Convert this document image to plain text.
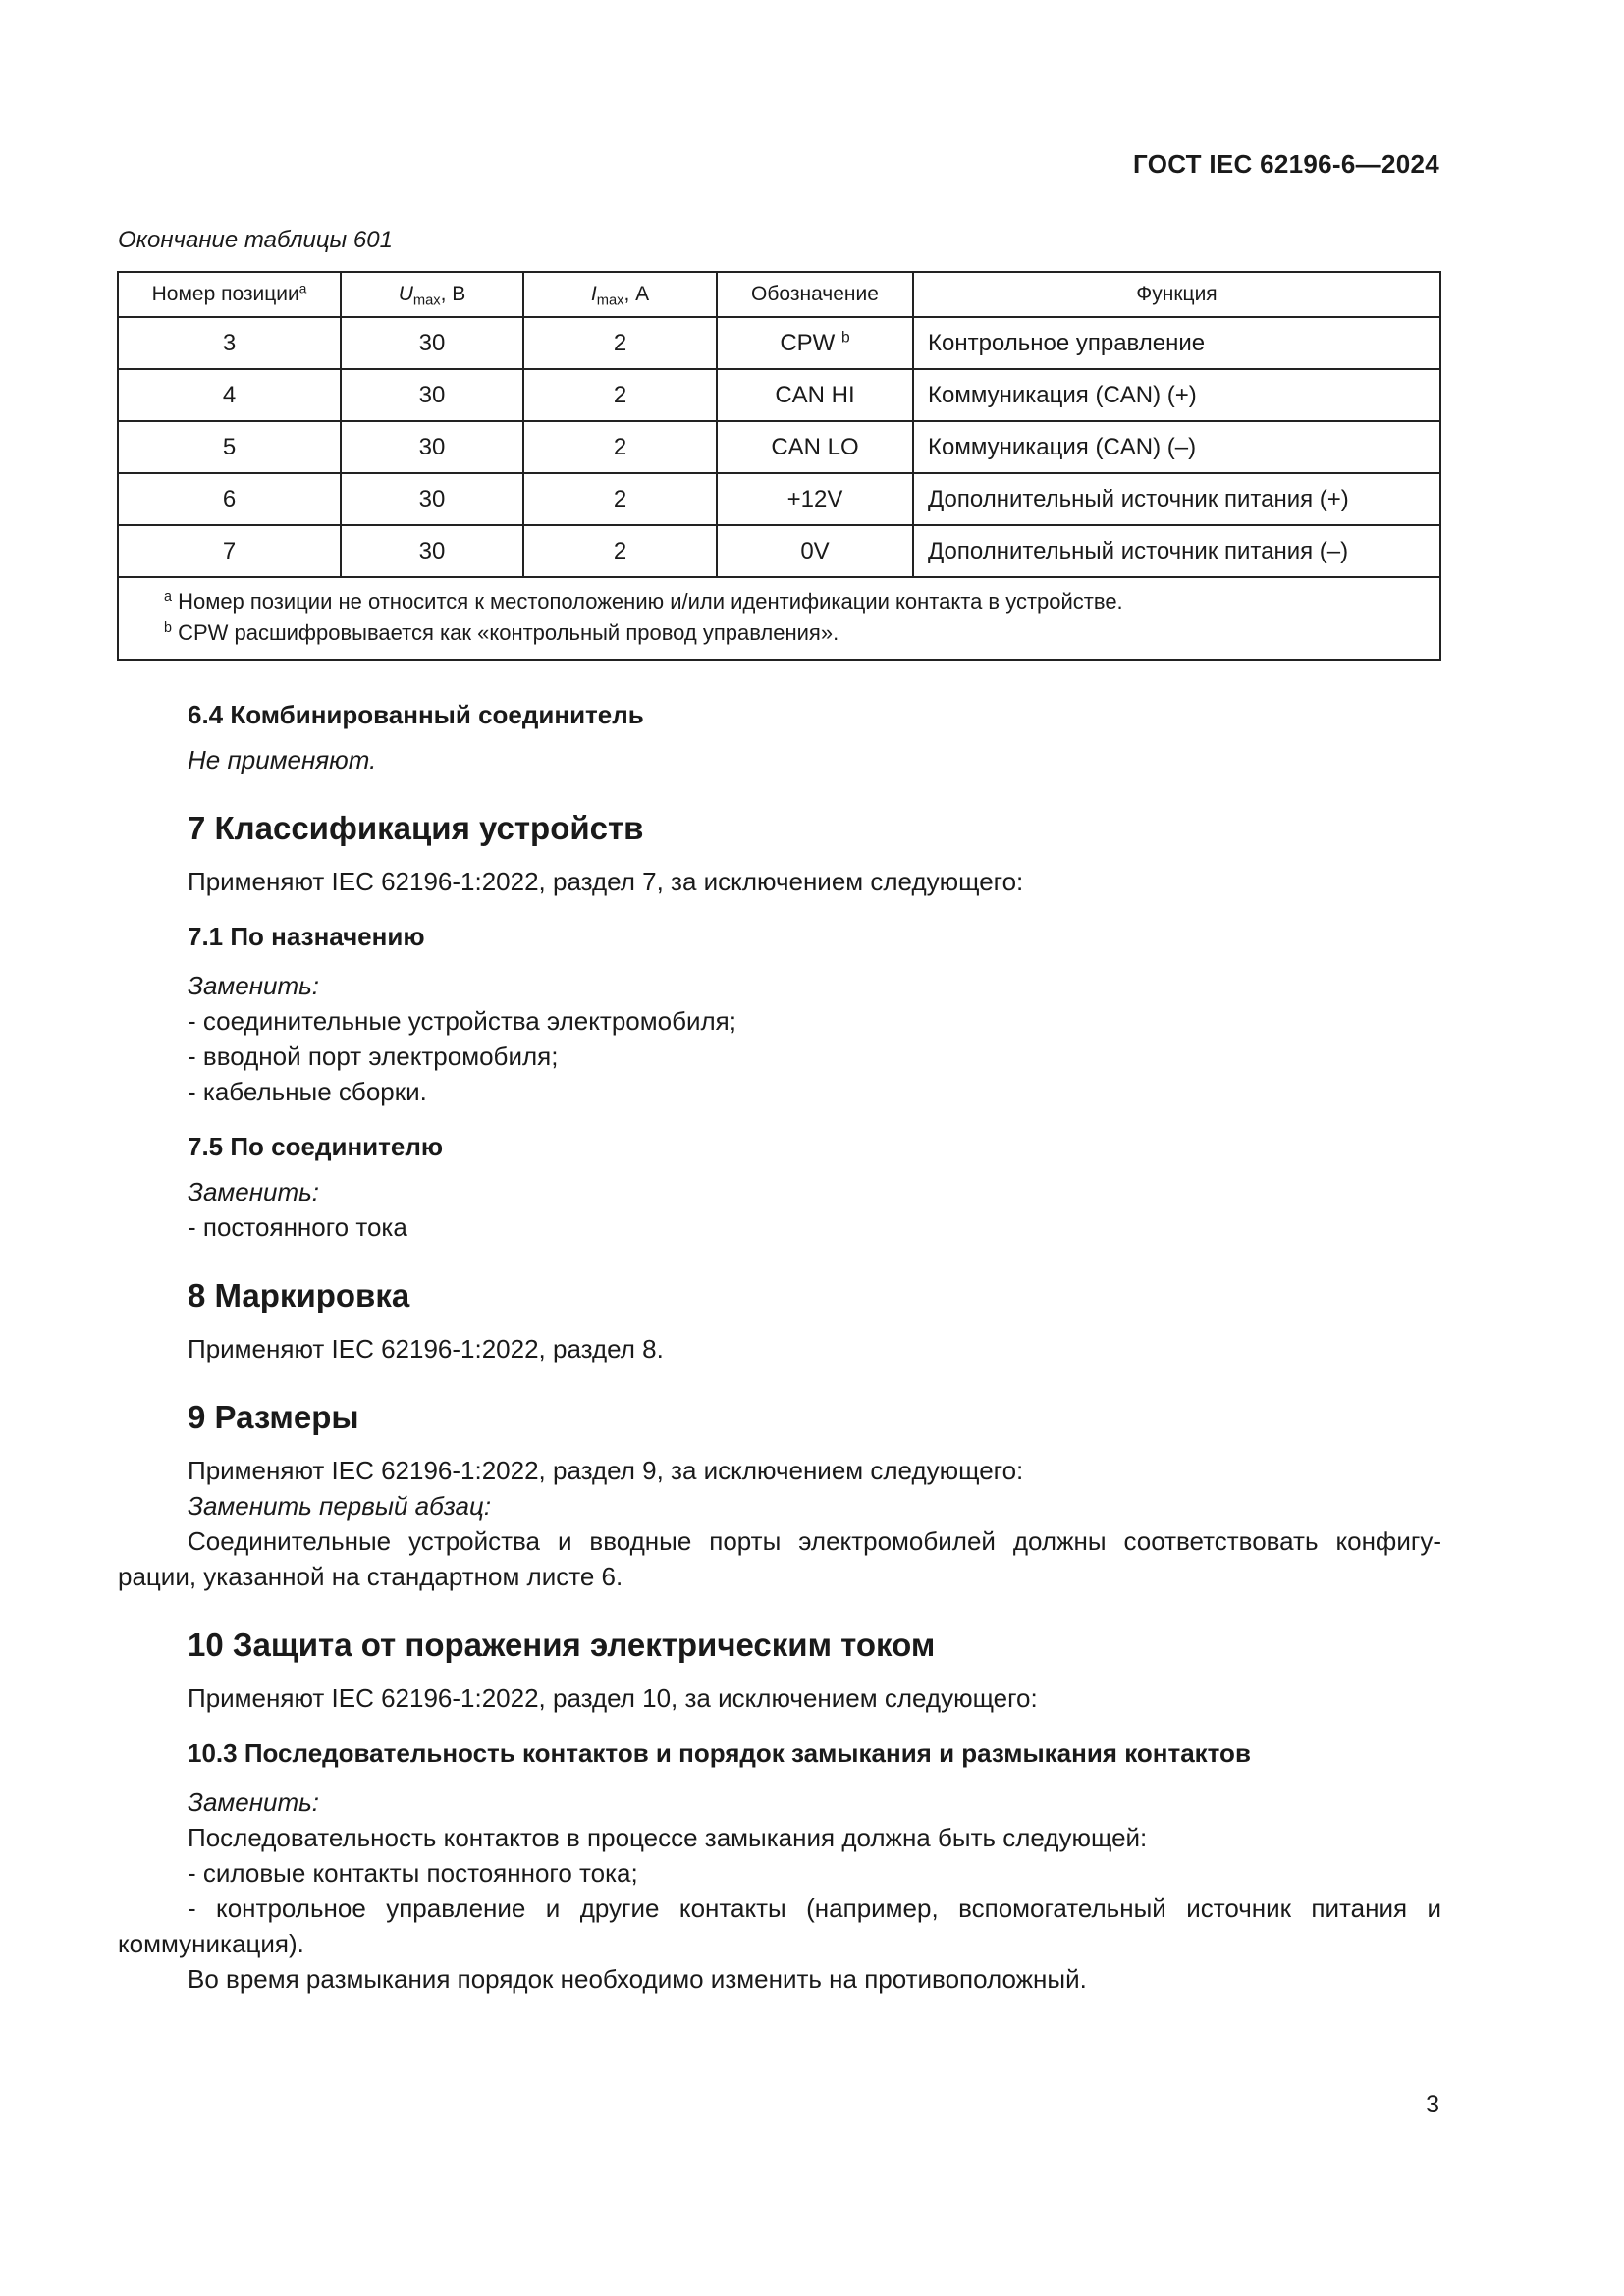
ГОСТ IEC 62196-6—2024
Окончание таблицы 601
Номер позиции$^a$	$U_{max}$, В	$I_{max}$, А	Обозначение	Функция
3	30	2	CPW $^b$	Контрольное управление
4	30	2	CAN HI	Коммуникация (CAN) (+)
5	30	2	CAN LO	Коммуникация (CAN) (–)
6	30	2	+12V	Дополнительный источник питания (+)
7	30	2	0V	Дополнительный источник питания (–)

$^a$ Номер позиции не относится к местоположению и/или идентификации контакта в устройстве.
$^b$ CPW расшифровывается как «контрольный провод управления».				

6.4 Комбинированный соединитель

Не применяют.

7 Классификация устройств

Применяют IEC 62196-1:2022, раздел 7, за исключением следующего:

7.1 По назначению

Заменить:

- соединительные устройства электромобиля;

- вводной порт электромобиля;

- кабельные сборки.

7.5 По соединителю

Заменить:

- постоянного тока

8 Маркировка

Применяют IEC 62196-1:2022, раздел 8.

9 Размеры

Применяют IEC 62196-1:2022, раздел 9, за исключением следующего:

Заменить первый абзац:

Соединительные устройства и вводные порты электромобилей должны соответствовать конфигу-

рации, указанной на стандартном листе 6.

10 Защита от поражения электрическим током

Применяют IEC 62196-1:2022, раздел 10, за исключением следующего:

10.3 Последовательность контактов и порядок замыкания и размыкания контактов

Заменить:

Последовательность контактов в процессе замыкания должна быть следующей:

- силовые контакты постоянного тока;

- контрольное управление и другие контакты (например, вспомогательный источник питания и

коммуникация).

Во время размыкания порядок необходимо изменить на противоположный.

3
